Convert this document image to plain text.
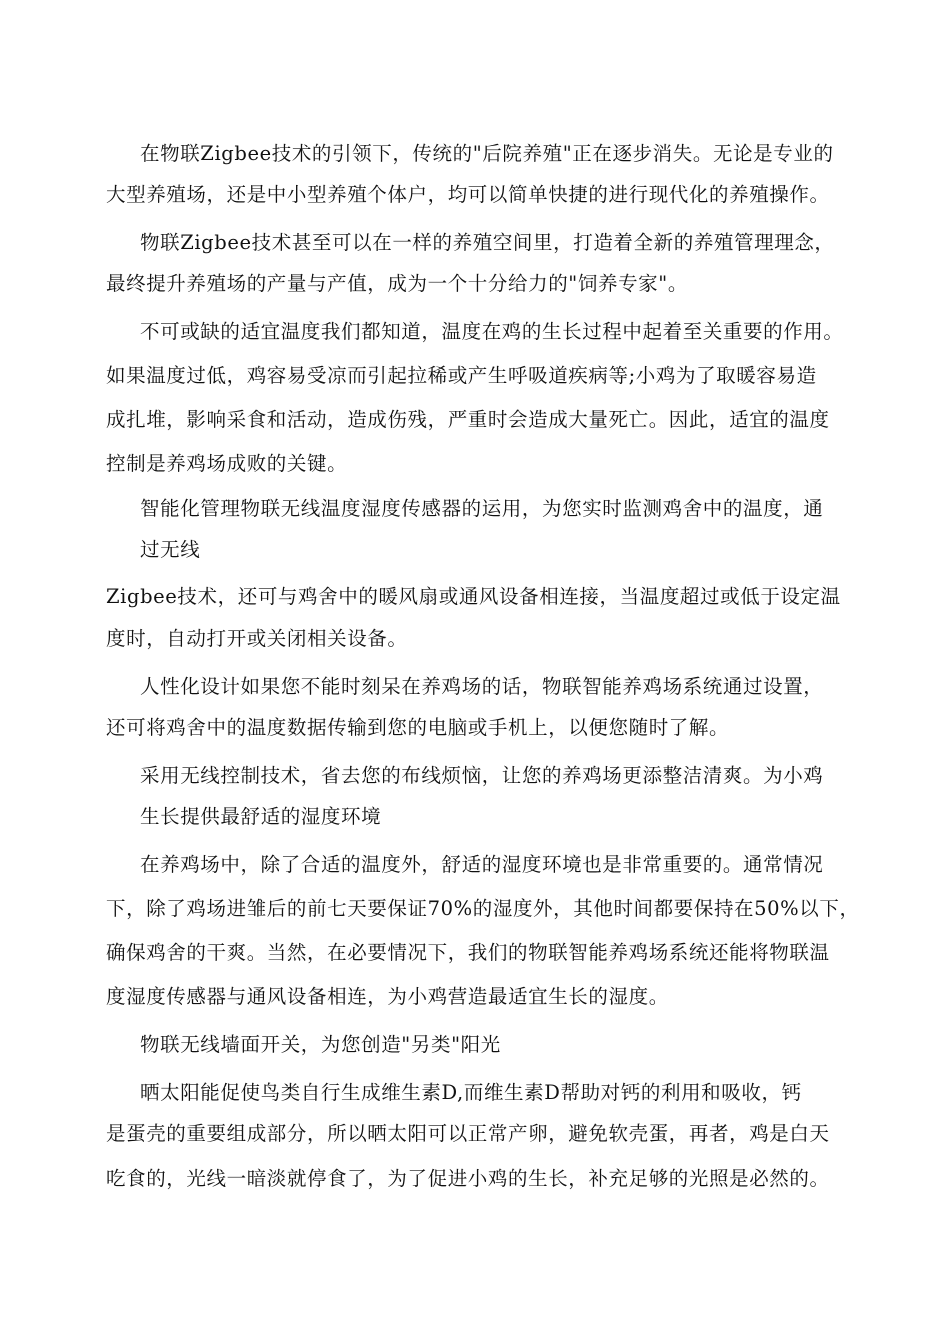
在物联Zigbee技术的引领下，传统的"后院养殖"正在逐步消失。无论是专业的

大型养殖场，还是中小型养殖个体户，均可以简单快捷的进行现代化的养殖操作。

物联Zigbee技术甚至可以在一样的养殖空间里，打造着全新的养殖管理理念，

最终提升养殖场的产量与产值，成为一个十分给力的"饲养专家"。

不可或缺的适宜温度我们都知道，温度在鸡的生长过程中起着至关重要的作用。

如果温度过低，鸡容易受凉而引起拉稀或产生呼吸道疾病等;小鸡为了取暖容易造

成扎堆，影响采食和活动，造成伤残，严重时会造成大量死亡。因此，适宜的温度

控制是养鸡场成败的关键。

智能化管理物联无线温度湿度传感器的运用，为您实时监测鸡舍中的温度，通

过无线

Zigbee技术，还可与鸡舍中的暖风扇或通风设备相连接，当温度超过或低于设定温

度时，自动打开或关闭相关设备。

人性化设计如果您不能时刻呆在养鸡场的话，物联智能养鸡场系统通过设置，

还可将鸡舍中的温度数据传输到您的电脑或手机上，以便您随时了解。

采用无线控制技术，省去您的布线烦恼，让您的养鸡场更添整洁清爽。为小鸡

生长提供最舒适的湿度环境

在养鸡场中，除了合适的温度外，舒适的湿度环境也是非常重要的。通常情况

下，除了鸡场进雏后的前七天要保证70%的湿度外，其他时间都要保持在50%以下，

确保鸡舍的干爽。当然，在必要情况下，我们的物联智能养鸡场系统还能将物联温

度湿度传感器与通风设备相连，为小鸡营造最适宜生长的湿度。

物联无线墙面开关，为您创造"另类"阳光

晒太阳能促使鸟类自行生成维生素D,而维生素D帮助对钙的利用和吸收，钙

是蛋壳的重要组成部分，所以晒太阳可以正常产卵，避免软壳蛋，再者，鸡是白天

吃食的，光线一暗淡就停食了，为了促进小鸡的生长，补充足够的光照是必然的。
